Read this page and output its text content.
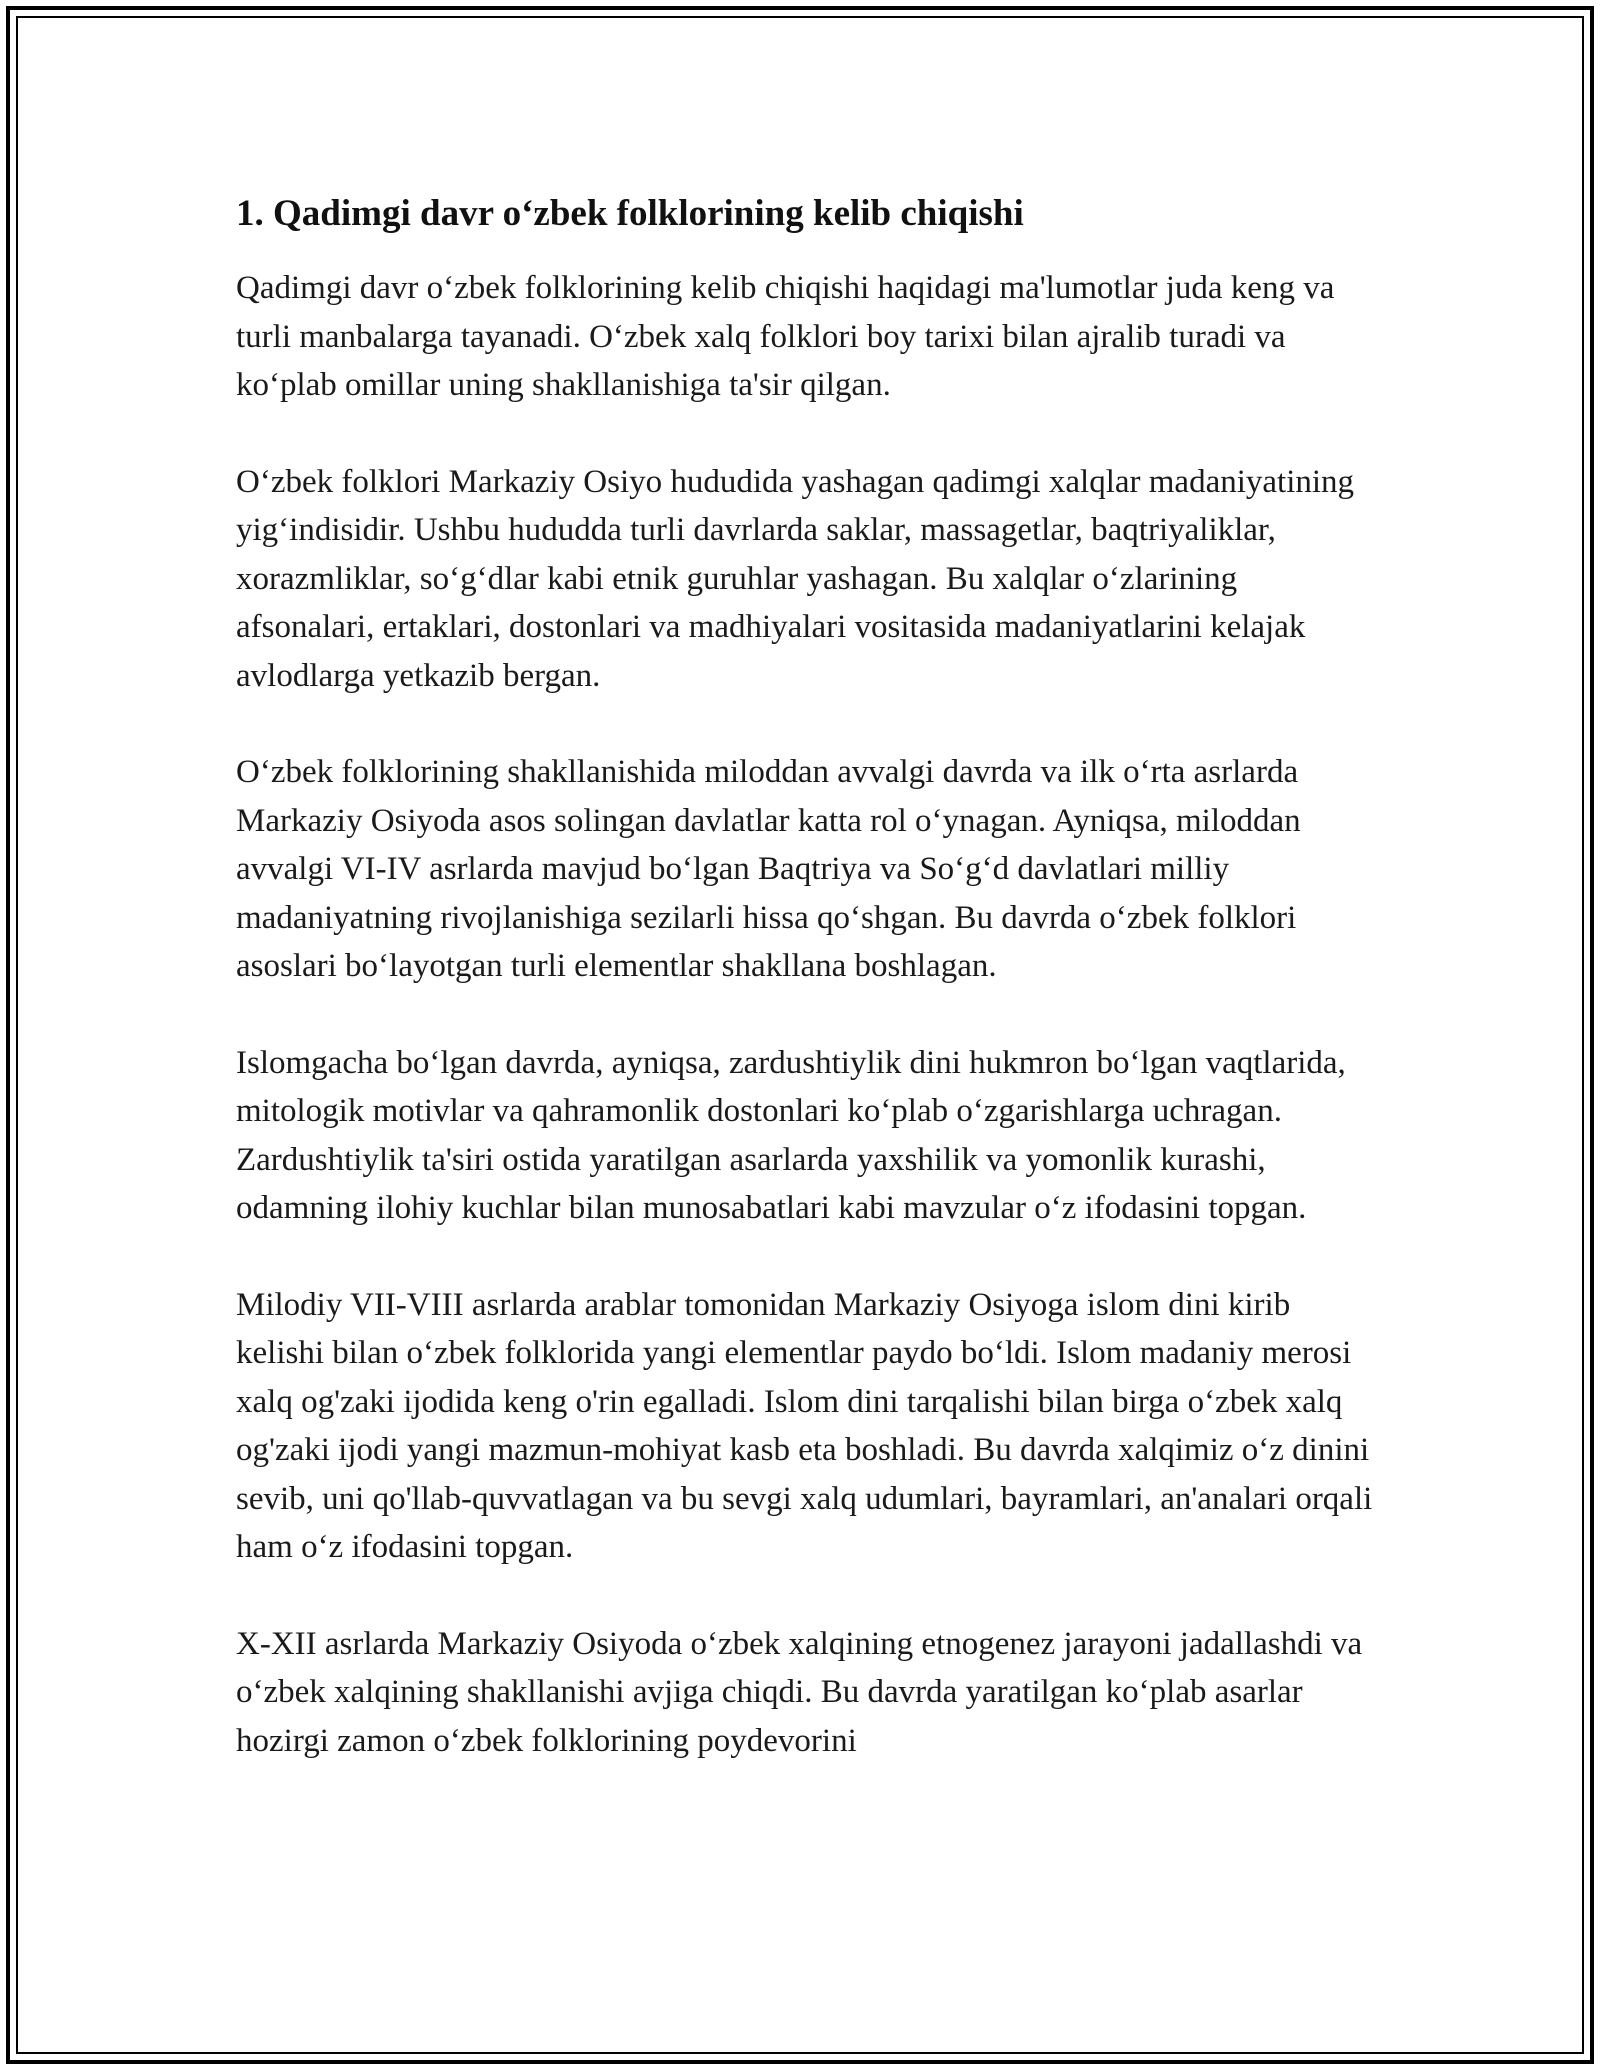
1. Qadimgi davr o‘zbek folklorining kelib chiqishi

Qadimgi davr o‘zbek folklorining kelib chiqishi haqidagi ma'lumotlar juda keng va turli manbalarga tayanadi. O‘zbek xalq folklori boy tarixi bilan ajralib turadi va ko‘plab omillar uning shakllanishiga ta'sir qilgan.

O‘zbek folklori Markaziy Osiyo hududida yashagan qadimgi xalqlar madaniyatining yig‘indisidir. Ushbu hududda turli davrlarda saklar, massagetlar, baqtriyaliklar, xorazmliklar, so‘g‘dlar kabi etnik guruhlar yashagan. Bu xalqlar o‘zlarining afsonalari, ertaklari, dostonlari va madhiyalari vositasida madaniyatlarini kelajak avlodlarga yetkazib bergan.

O‘zbek folklorining shakllanishida miloddan avvalgi davrda va ilk o‘rta asrlarda Markaziy Osiyoda asos solingan davlatlar katta rol o‘ynagan. Ayniqsa, miloddan avvalgi VI-IV asrlarda mavjud bo‘lgan Baqtriya va So‘g‘d davlatlari milliy madaniyatning rivojlanishiga sezilarli hissa qo‘shgan. Bu davrda o‘zbek folklori asoslari bo‘layotgan turli elementlar shakllana boshlagan.

Islomgacha bo‘lgan davrda, ayniqsa, zardushtiylik dini hukmron bo‘lgan vaqtlarida, mitologik motivlar va qahramonlik dostonlari ko‘plab o‘zgarishlarga uchragan. Zardushtiylik ta'siri ostida yaratilgan asarlarda yaxshilik va yomonlik kurashi, odamning ilohiy kuchlar bilan munosabatlari kabi mavzular o‘z ifodasini topgan.

Milodiy VII-VIII asrlarda arablar tomonidan Markaziy Osiyoga islom dini kirib kelishi bilan o‘zbek folklorida yangi elementlar paydo bo‘ldi. Islom madaniy merosi xalq og'zaki ijodida keng o'rin egalladi. Islom dini tarqalishi bilan birga o‘zbek xalq og'zaki ijodi yangi mazmun-mohiyat kasb eta boshladi. Bu davrda xalqimiz o‘z dinini sevib, uni qo'llab-quvvatlagan va bu sevgi xalq udumlari, bayramlari, an'analari orqali ham o‘z ifodasini topgan.

X-XII asrlarda Markaziy Osiyoda o‘zbek xalqining etnogenez jarayoni jadallashdi va o‘zbek xalqining shakllanishi avjiga chiqdi. Bu davrda yaratilgan ko‘plab asarlar hozirgi zamon o‘zbek folklorining poydevorini
